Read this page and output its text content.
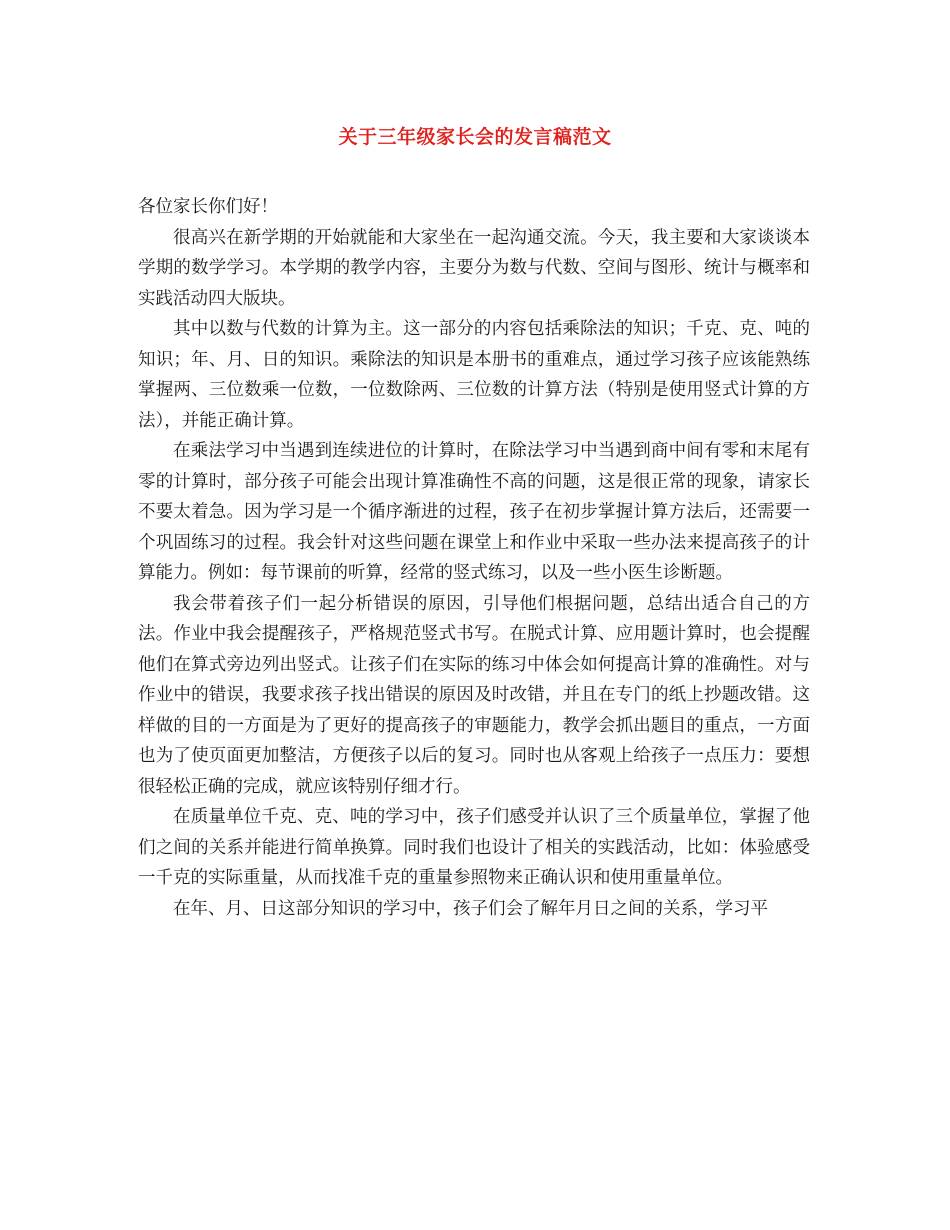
关于三年级家长会的发言稿范文

各位家长你们好！

很高兴在新学期的开始就能和大家坐在一起沟通交流。今天，我主要和大家谈谈本学期的数学学习。本学期的教学内容，主要分为数与代数、空间与图形、统计与概率和实践活动四大版块。

其中以数与代数的计算为主。这一部分的内容包括乘除法的知识；千克、克、吨的知识；年、月、日的知识。乘除法的知识是本册书的重难点，通过学习孩子应该能熟练掌握两、三位数乘一位数，一位数除两、三位数的计算方法（特别是使用竖式计算的方法），并能正确计算。

在乘法学习中当遇到连续进位的计算时，在除法学习中当遇到商中间有零和末尾有零的计算时，部分孩子可能会出现计算准确性不高的问题，这是很正常的现象，请家长不要太着急。因为学习是一个循序渐进的过程，孩子在初步掌握计算方法后，还需要一个巩固练习的过程。我会针对这些问题在课堂上和作业中采取一些办法来提高孩子的计算能力。例如：每节课前的听算，经常的竖式练习，以及一些小医生诊断题。

我会带着孩子们一起分析错误的原因，引导他们根据问题，总结出适合自己的方法。作业中我会提醒孩子，严格规范竖式书写。在脱式计算、应用题计算时，也会提醒他们在算式旁边列出竖式。让孩子们在实际的练习中体会如何提高计算的准确性。对与作业中的错误，我要求孩子找出错误的原因及时改错，并且在专门的纸上抄题改错。这样做的目的一方面是为了更好的提高孩子的审题能力，教学会抓出题目的重点，一方面也为了使页面更加整洁，方便孩子以后的复习。同时也从客观上给孩子一点压力：要想很轻松正确的完成，就应该特别仔细才行。

在质量单位千克、克、吨的学习中，孩子们感受并认识了三个质量单位，掌握了他们之间的关系并能进行简单换算。同时我们也设计了相关的实践活动，比如：体验感受一千克的实际重量，从而找准千克的重量参照物来正确认识和使用重量单位。

在年、月、日这部分知识的学习中，孩子们会了解年月日之间的关系，学习平
